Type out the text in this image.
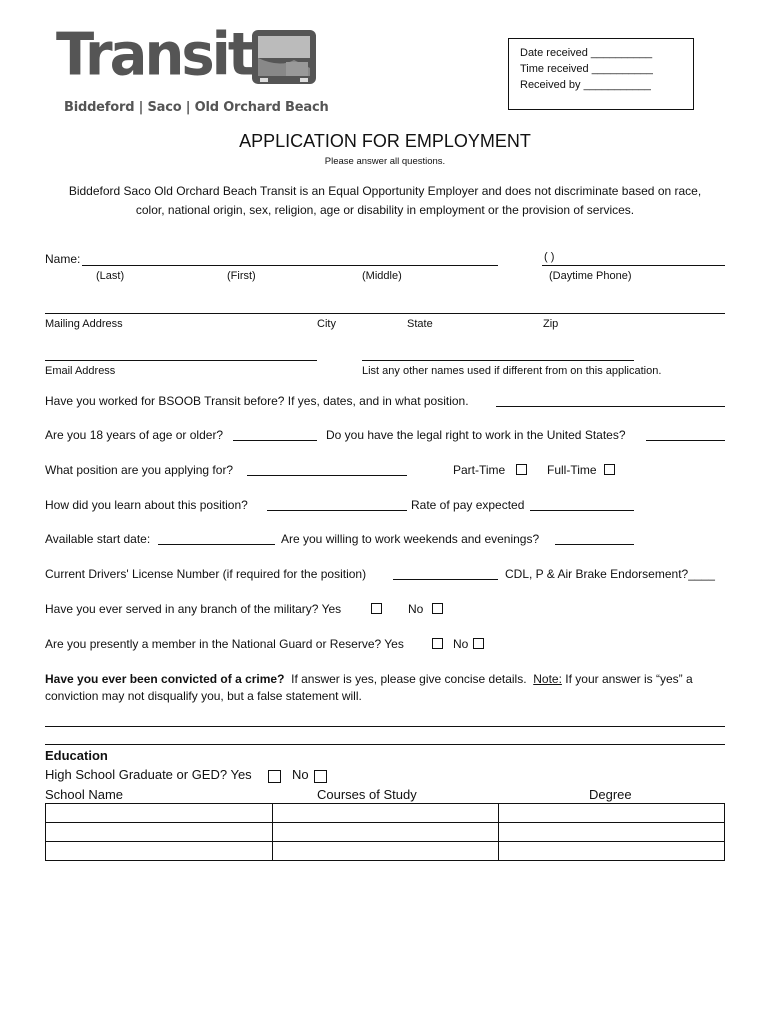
Transit
Biddeford | Saco | Old Orchard Beach
Date received __________
Time received __________
Received by ___________
APPLICATION FOR EMPLOYMENT
Please answer all questions.
Biddeford Saco Old Orchard Beach Transit is an Equal Opportunity Employer and does not discriminate based on race,
color, national origin, sex, religion, age or disability in employment or the provision of services.
Name:	( )
(Last)	(First)	(Middle)	(Daytime Phone)
Mailing Address	City	State	Zip
Email Address	List any other names used if different from on this application.
Have you worked for BSOOB Transit before? If yes, dates, and in what position.
Are you 18 years of age or older?	Do you have the legal right to work in the United States?
What position are you applying for?	Part-Time	Full-Time
How did you learn about this position?	Rate of pay expected
Available start date:	Are you willing to work weekends and evenings?
Current Drivers' License Number (if required for the position)	CDL, P & Air Brake Endorsement?____
Have you ever served in any branch of the military? Yes	No
Are you presently a member in the National Guard or Reserve? Yes	No
Have you ever been convicted of a crime? If answer is yes, please give concise details. Note: If your answer is “yes” a
conviction may not disqualify you, but a false statement will.
Education
High School Graduate or GED? Yes	No
School Name	Courses of Study	Degree
